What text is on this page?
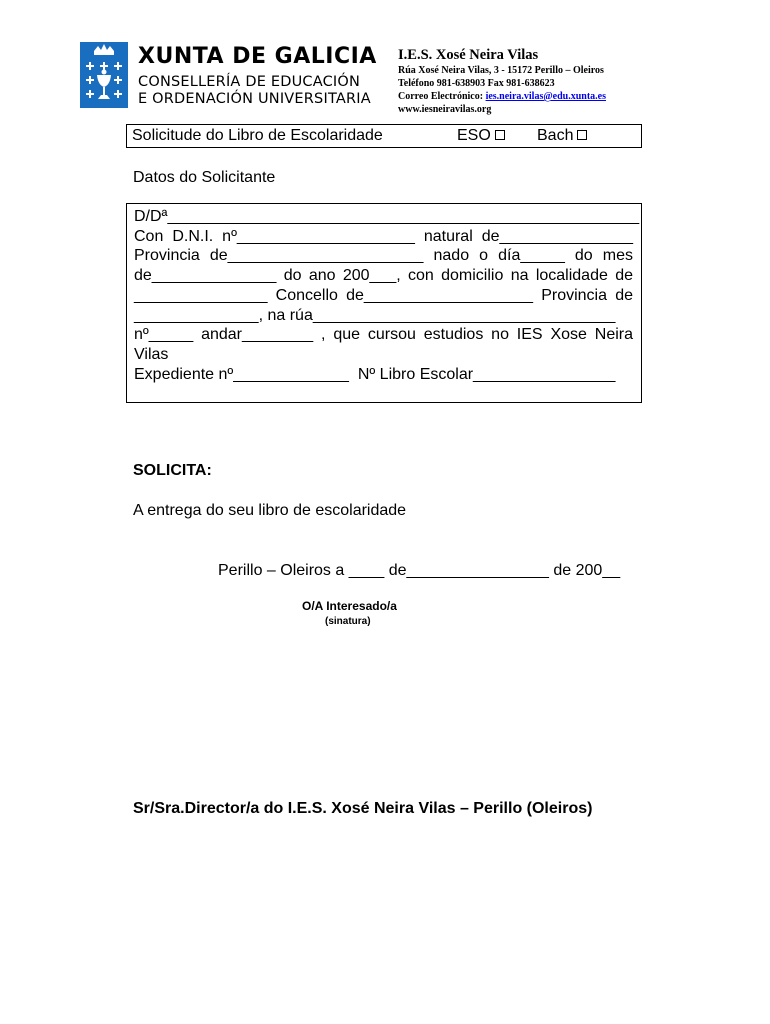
XUNTA DE GALICIA
CONSELLERÍA DE EDUCACIÓN
E ORDENACIÓN UNIVERSITARIA
I.E.S. Xosé Neira Vilas
Rúa Xosé Neira Vilas, 3 - 15172 Perillo – Oleiros
Teléfono 981-638903 Fax 981-638623
Correo Electrónico: ies.neira.vilas@edu.xunta.es
www.iesneiravilas.org
Solicitude do Libro de Escolaridade	ESO	Bach
Datos do Solicitante
D/Dª_____________________________________________________
Con D.N.I. nº____________________ natural de_______________
Provincia de______________________ nado o día_____ do mes
de______________ do ano 200___, con domicilio na localidade de
_______________ Concello de___________________ Provincia de
______________, na rúa__________________________________
nº_____ andar________ , que cursou estudios no IES Xose Neira
Vilas
Expediente nº_____________  Nº Libro Escolar________________
SOLICITA:
A entrega do seu libro de escolaridade
Perillo – Oleiros a ____ de________________ de 200__
O/A Interesado/a
(sinatura)
Sr/Sra.Director/a do I.E.S. Xosé Neira Vilas – Perillo (Oleiros)
